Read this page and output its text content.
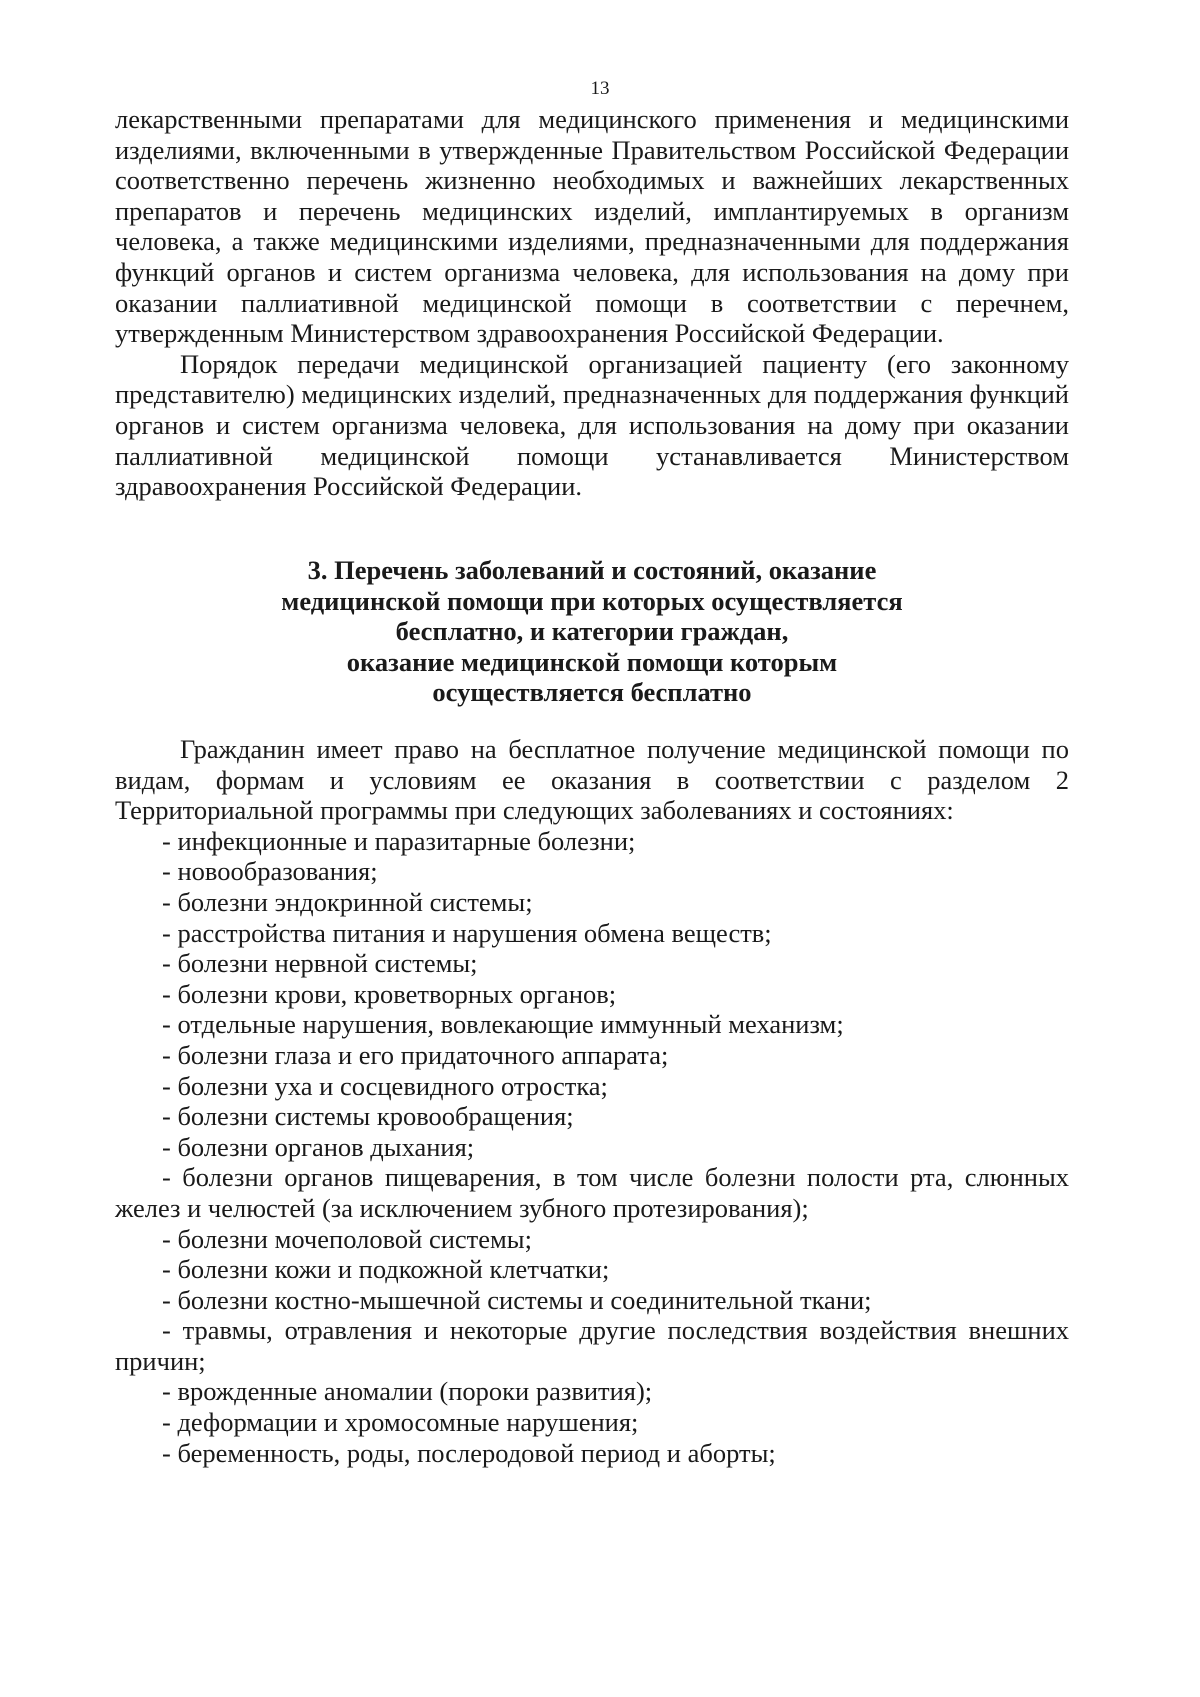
13

лекарственными препаратами для медицинского применения и медицинскими изделиями, включенными в утвержденные Правительством Российской Федерации соответственно перечень жизненно необходимых и важнейших лекарственных препаратов и перечень медицинских изделий, имплантируемых в организм человека, а также медицинскими изделиями, предназначенными для поддержания функций органов и систем организма человека, для использования на дому при оказании паллиативной медицинской помощи в соответствии с перечнем, утвержденным Министерством здравоохранения Российской Федерации.

Порядок передачи медицинской организацией пациенту (его законному представителю) медицинских изделий, предназначенных для поддержания функций органов и систем организма человека, для использования на дому при оказании паллиативной медицинской помощи устанавливается Министерством здравоохранения Российской Федерации.

3. Перечень заболеваний и состояний, оказание
медицинской помощи при которых осуществляется
бесплатно, и категории граждан,
оказание медицинской помощи которым
осуществляется бесплатно

Гражданин имеет право на бесплатное получение медицинской помощи по видам, формам и условиям ее оказания в соответствии с разделом 2 Территориальной программы при следующих заболеваниях и состояниях:

- инфекционные и паразитарные болезни;
- новообразования;
- болезни эндокринной системы;
- расстройства питания и нарушения обмена веществ;
- болезни нервной системы;
- болезни крови, кроветворных органов;
- отдельные нарушения, вовлекающие иммунный механизм;
- болезни глаза и его придаточного аппарата;
- болезни уха и сосцевидного отростка;
- болезни системы кровообращения;
- болезни органов дыхания;
- болезни органов пищеварения, в том числе болезни полости рта, слюнных желез и челюстей (за исключением зубного протезирования);
- болезни мочеполовой системы;
- болезни кожи и подкожной клетчатки;
- болезни костно-мышечной системы и соединительной ткани;
- травмы, отравления и некоторые другие последствия воздействия внешних причин;
- врожденные аномалии (пороки развития);
- деформации и хромосомные нарушения;
- беременность, роды, послеродовой период и аборты;
